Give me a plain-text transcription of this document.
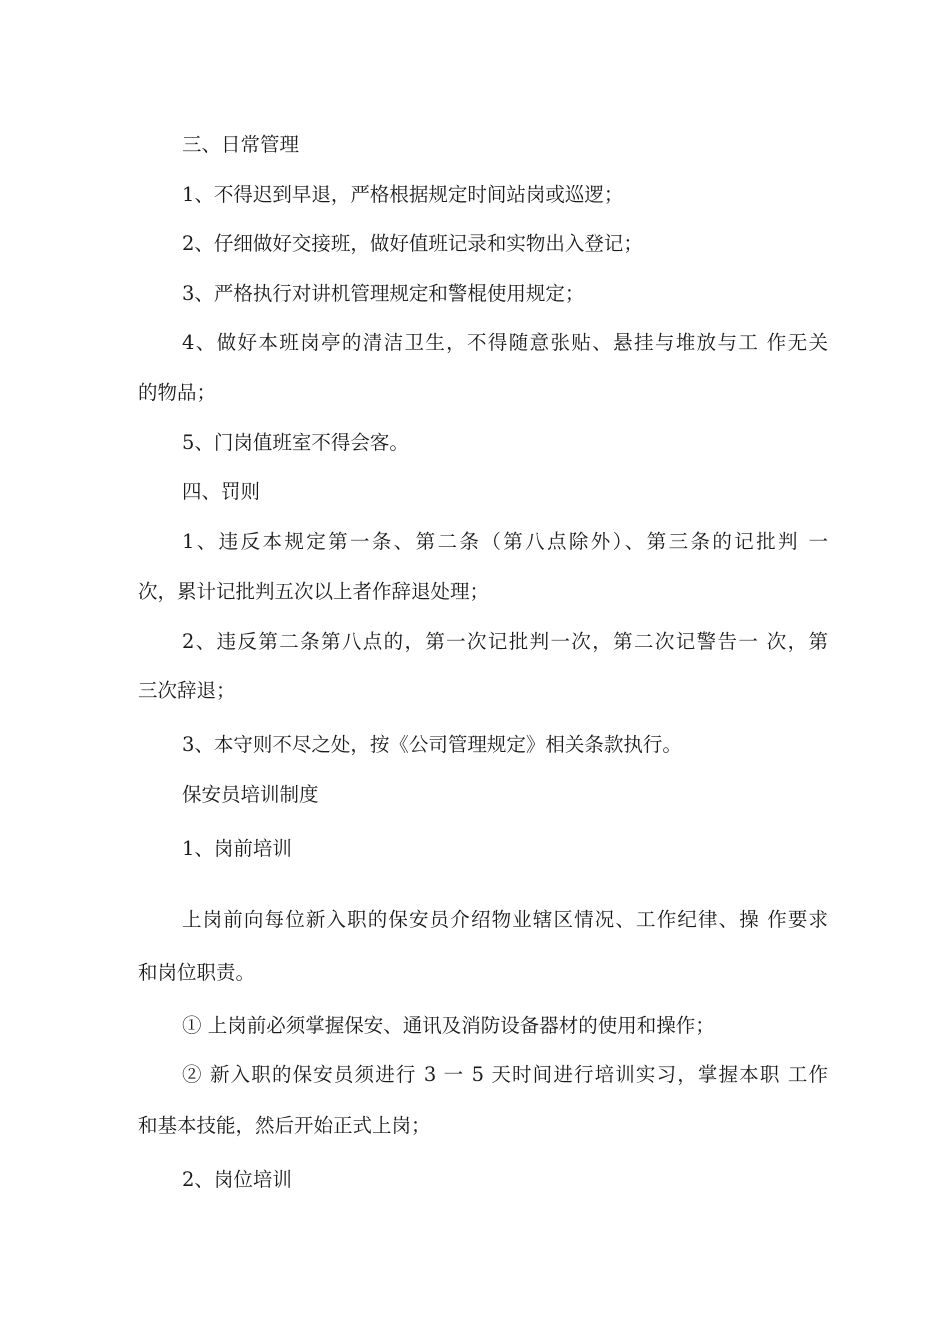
三、日常管理
1、不得迟到早退，严格根据规定时间站岗或巡逻；
2、仔细做好交接班，做好值班记录和实物出入登记；
3、严格执行对讲机管理规定和警棍使用规定；
4、做好本班岗亭的清洁卫生，不得随意张贴、悬挂与堆放与工 作无关
的物品；
5、门岗值班室不得会客。
四、罚则
1、违反本规定第一条、第二条（第八点除外）、第三条的记批判 一
次，累计记批判五次以上者作辞退处理；
2、违反第二条第八点的，第一次记批判一次，第二次记警告一 次，第
三次辞退；
3、本守则不尽之处，按《公司管理规定》相关条款执行。
保安员培训制度
1、岗前培训
上岗前向每位新入职的保安员介绍物业辖区情况、工作纪律、操 作要求
和岗位职责。
① 上岗前必须掌握保安、通讯及消防设备器材的使用和操作；
② 新入职的保安员须进行 3 一 5 天时间进行培训实习，掌握本职 工作
和基本技能，然后开始正式上岗；
2、岗位培训
